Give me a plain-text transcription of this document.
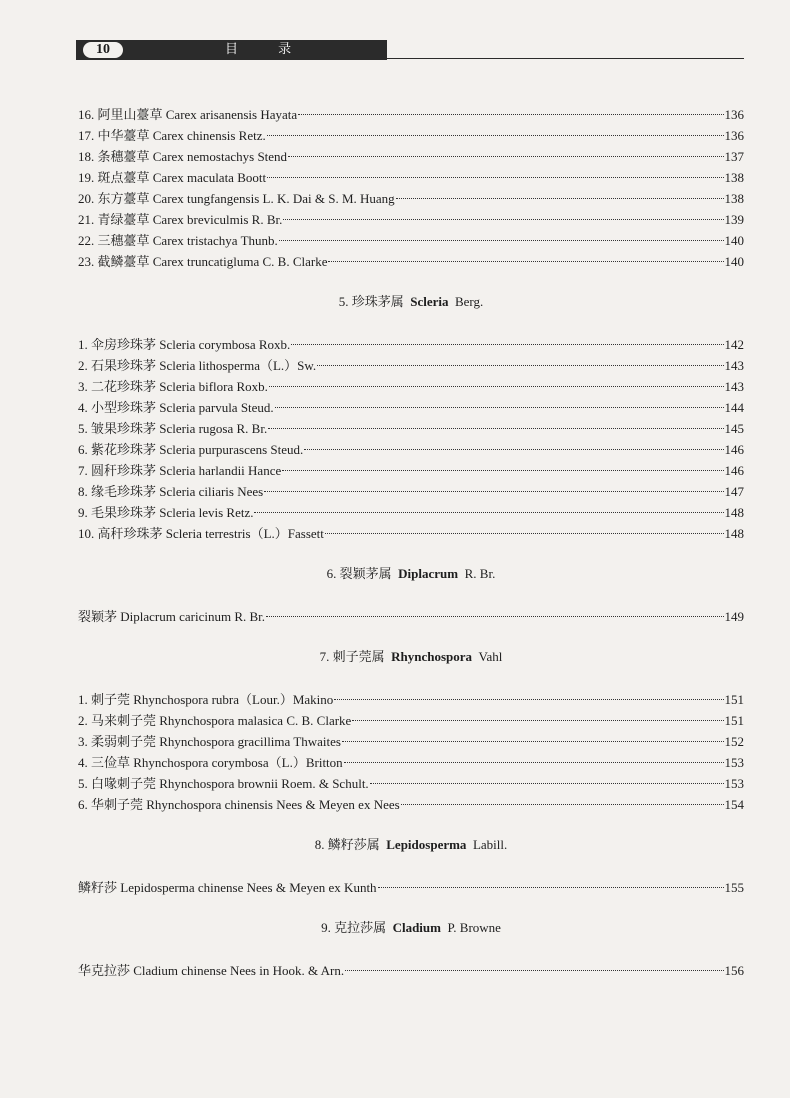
10	目 录
16. 阿里山薹草 Carex arisanensis Hayata	136
17. 中华薹草 Carex chinensis Retz.	136
18. 条穗薹草 Carex nemostachys Stend	137
19. 斑点薹草 Carex maculata Boott	138
20. 东方薹草 Carex tungfangensis L. K. Dai & S. M. Huang	138
21. 青绿薹草 Carex breviculmis R. Br.	139
22. 三穗薹草 Carex tristachya Thunb.	140
23. 截鳞薹草 Carex truncatigluma C. B. Clarke	140
5. 珍珠茅属 Scleria Berg.
1. 伞房珍珠茅 Scleria corymbosa Roxb.	142
2. 石果珍珠茅 Scleria lithosperma（L.）Sw.	143
3. 二花珍珠茅 Scleria biflora Roxb.	143
4. 小型珍珠茅 Scleria parvula Steud.	144
5. 皱果珍珠茅 Scleria rugosa R. Br.	145
6. 紫花珍珠茅 Scleria purpurascens Steud.	146
7. 圆秆珍珠茅 Scleria harlandii Hance	146
8. 缘毛珍珠茅 Scleria ciliaris Nees	147
9. 毛果珍珠茅 Scleria levis Retz.	148
10. 高秆珍珠茅 Scleria terrestris（L.）Fassett	148
6. 裂颖茅属 Diplacrum R. Br.
裂颖茅 Diplacrum caricinum R. Br.	149
7. 刺子莞属 Rhynchospora Vahl
1. 刺子莞 Rhynchospora rubra（Lour.）Makino	151
2. 马来刺子莞 Rhynchospora malasica C. B. Clarke	151
3. 柔弱刺子莞 Rhynchospora gracillima Thwaites	152
4. 三俭草 Rhynchospora corymbosa（L.）Britton	153
5. 白喙刺子莞 Rhynchospora brownii Roem. & Schult.	153
6. 华刺子莞 Rhynchospora chinensis Nees & Meyen ex Nees	154
8. 鳞籽莎属 Lepidosperma Labill.
鳞籽莎 Lepidosperma chinense Nees & Meyen ex Kunth	155
9. 克拉莎属 Cladium P. Browne
华克拉莎 Cladium chinense Nees in Hook. & Arn.	156
